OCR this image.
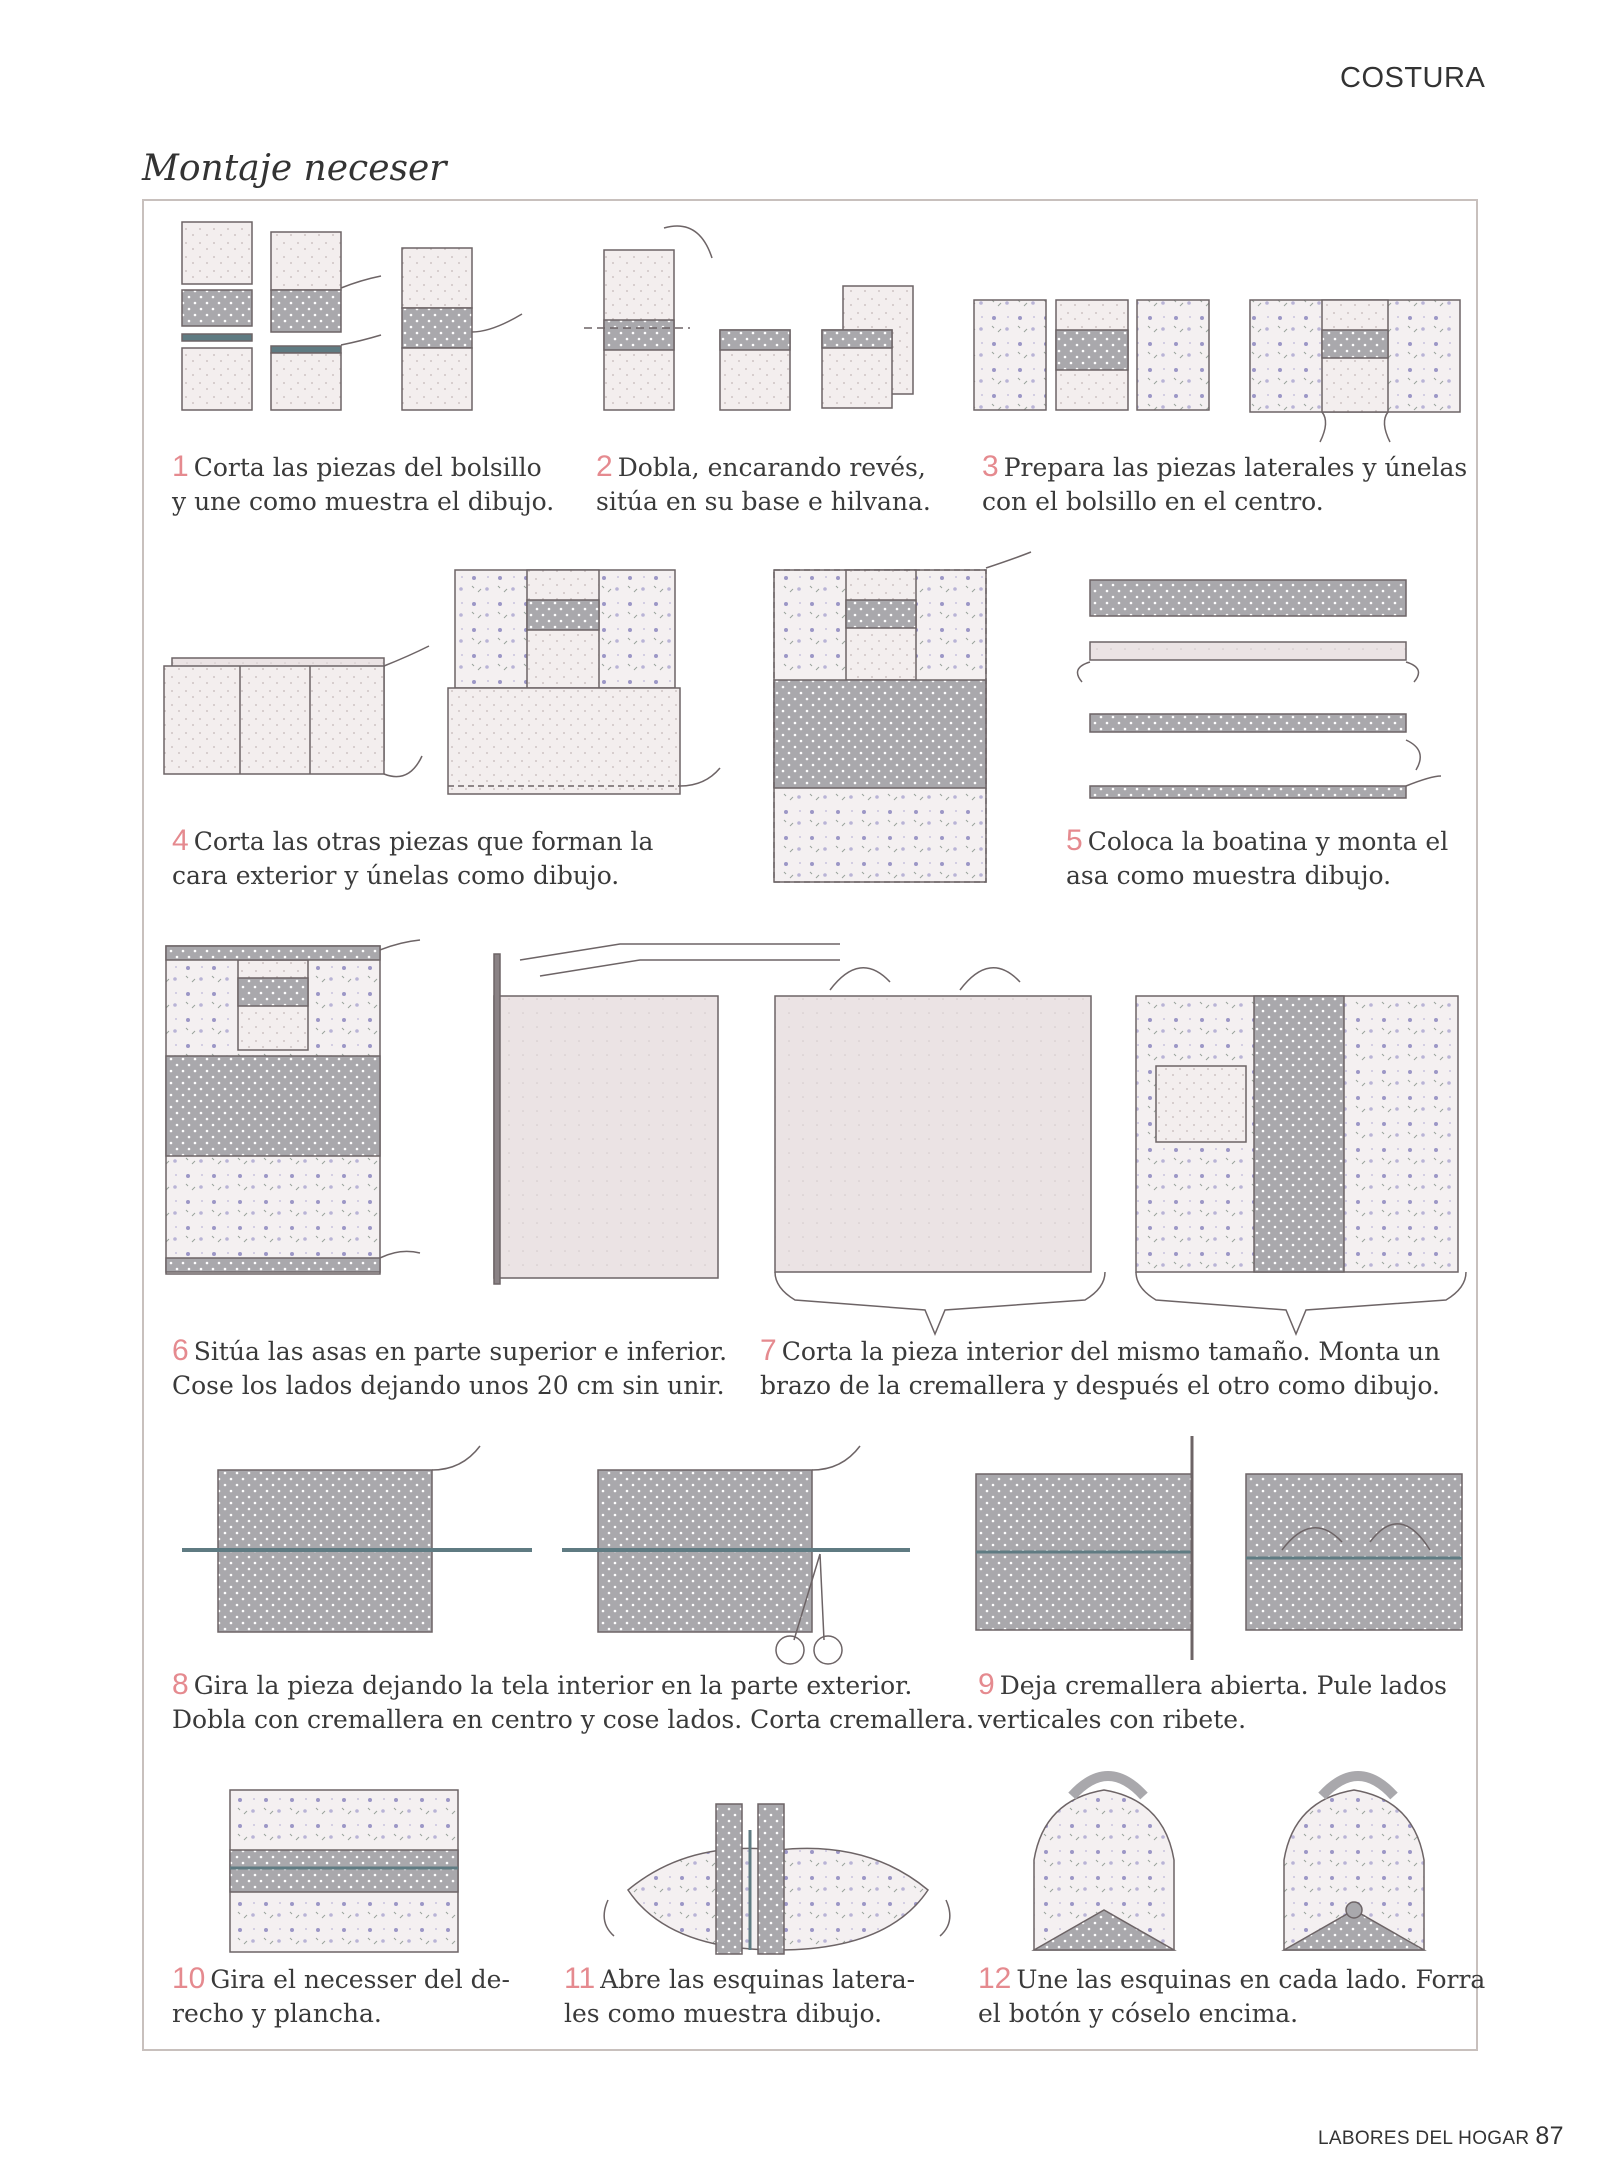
COSTURA
Montaje neceser
1 Corta las piezas del bolsillo
y une como muestra el dibujo.
2 Dobla, encarando revés,
sitúa en su base e hilvana.
3 Prepara las piezas laterales y únelas
con el bolsillo en el centro.
4 Corta las otras piezas que forman la
cara exterior y únelas como dibujo.
5 Coloca la boatina y monta el
asa como muestra dibujo.
6 Sitúa las asas en parte superior e inferior.
Cose los lados dejando unos 20 cm sin unir.
7 Corta la pieza interior del mismo tamaño. Monta un
brazo de la cremallera y después el otro como dibujo.
8 Gira la pieza dejando la tela interior en la parte exterior.
Dobla con cremallera en centro y cose lados. Corta cremallera.
9 Deja cremallera abierta. Pule lados
verticales con ribete.
10 Gira el necesser del de-
recho y plancha.
11 Abre las esquinas latera-
les como muestra dibujo.
12 Une las esquinas en cada lado. Forra
el botón y cóselo encima.
LABORES DEL HOGAR 87
